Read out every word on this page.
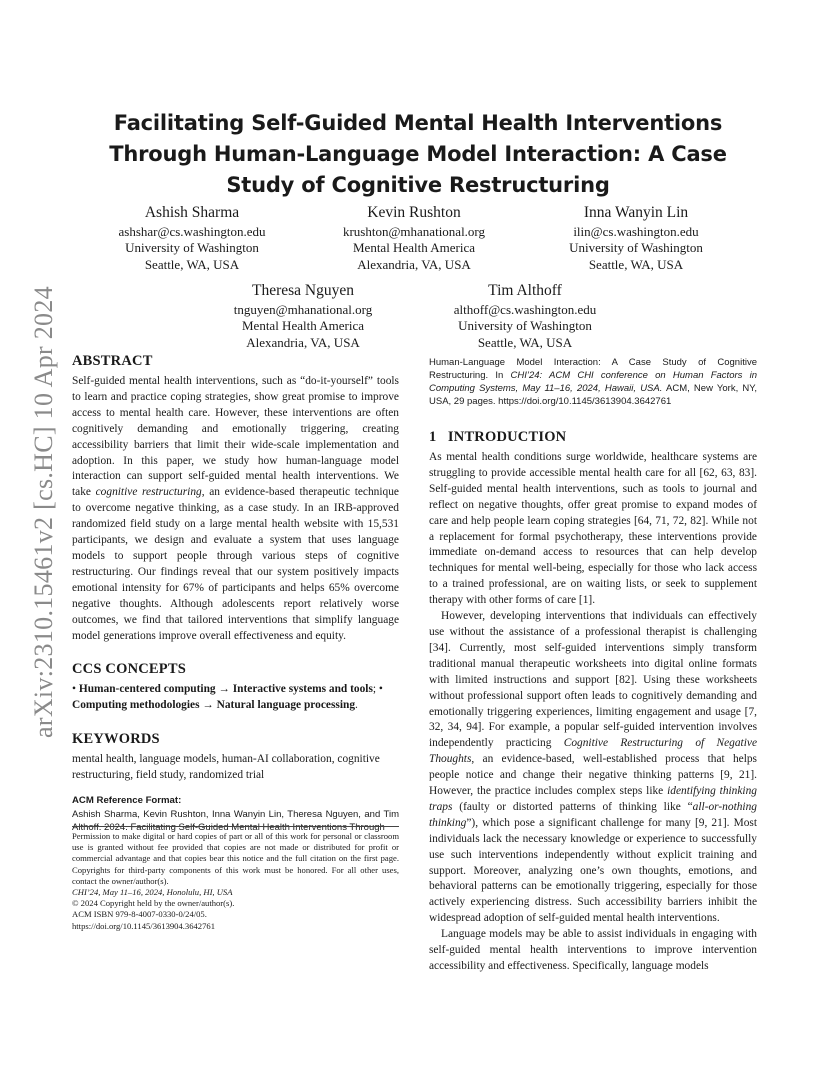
arXiv:2310.15461v2 [cs.HC] 10 Apr 2024
Facilitating Self-Guided Mental Health Interventions Through Human-Language Model Interaction: A Case Study of Cognitive Restructuring
Ashish Sharma
ashshar@cs.washington.edu
University of Washington
Seattle, WA, USA
Kevin Rushton
krushton@mhanational.org
Mental Health America
Alexandria, VA, USA
Inna Wanyin Lin
ilin@cs.washington.edu
University of Washington
Seattle, WA, USA
Theresa Nguyen
tnguyen@mhanational.org
Mental Health America
Alexandria, VA, USA
Tim Althoff
althoff@cs.washington.edu
University of Washington
Seattle, WA, USA
ABSTRACT

Self-guided mental health interventions, such as “do-it-yourself” tools to learn and practice coping strategies, show great promise to improve access to mental health care. However, these interventions are often cognitively demanding and emotionally triggering, creating accessibility barriers that limit their wide-scale implementation and adoption. In this paper, we study how human-language model interaction can support self-guided mental health interventions. We take cognitive restructuring, an evidence-based therapeutic technique to overcome negative thinking, as a case study. In an IRB-approved randomized field study on a large mental health website with 15,531 participants, we design and evaluate a system that uses language models to support people through various steps of cognitive restructuring. Our findings reveal that our system positively impacts emotional intensity for 67% of participants and helps 65% overcome negative thoughts. Although adolescents report relatively worse outcomes, we find that tailored interventions that simplify language model generations improve overall effectiveness and equity.

CCS CONCEPTS

• Human-centered computing → Interactive systems and tools; • Computing methodologies → Natural language processing.

KEYWORDS

mental health, language models, human-AI collaboration, cognitive restructuring, field study, randomized trial

ACM Reference Format:

Ashish Sharma, Kevin Rushton, Inna Wanyin Lin, Theresa Nguyen, and Tim Althoff. 2024. Facilitating Self-Guided Mental Health Interventions Through

Permission to make digital or hard copies of part or all of this work for personal or classroom use is granted without fee provided that copies are not made or distributed for profit or commercial advantage and that copies bear this notice and the full citation on the first page. Copyrights for third-party components of this work must be honored. For all other uses, contact the owner/author(s).

CHI’24, May 11–16, 2024, Honolulu, HI, USA

© 2024 Copyright held by the owner/author(s).

ACM ISBN 979-8-4007-0330-0/24/05.

https://doi.org/10.1145/3613904.3642761

Human-Language Model Interaction: A Case Study of Cognitive Restructuring. In CHI’24: ACM CHI conference on Human Factors in Computing Systems, May 11–16, 2024, Hawaii, USA. ACM, New York, NY, USA, 29 pages. https://doi.org/10.1145/3613904.3642761

1   INTRODUCTION

As mental health conditions surge worldwide, healthcare systems are struggling to provide accessible mental health care for all [62, 63, 83]. Self-guided mental health interventions, such as tools to journal and reflect on negative thoughts, offer great promise to expand modes of care and help people learn coping strategies [64, 71, 72, 82]. While not a replacement for formal psychotherapy, these interventions provide immediate on-demand access to resources that can help develop techniques for mental well-being, especially for those who lack access to a trained professional, are on waiting lists, or seek to supplement therapy with other forms of care [1].

However, developing interventions that individuals can effectively use without the assistance of a professional therapist is challenging [34]. Currently, most self-guided interventions simply transform traditional manual therapeutic worksheets into digital online formats with limited instructions and support [82]. Using these worksheets without professional support often leads to cognitively demanding and emotionally triggering experiences, limiting engagement and usage [7, 32, 34, 94]. For example, a popular self-guided intervention involves independently practicing Cognitive Restructuring of Negative Thoughts, an evidence-based, well-established process that helps people notice and change their negative thinking patterns [9, 21]. However, the practice includes complex steps like identifying thinking traps (faulty or distorted patterns of thinking like “all-or-nothing thinking”), which pose a significant challenge for many [9, 21]. Most individuals lack the necessary knowledge or experience to successfully use such interventions independently without explicit training and support. Moreover, analyzing one’s own thoughts, emotions, and behavioral patterns can be emotionally triggering, especially for those actively experiencing distress. Such accessibility barriers inhibit the widespread adoption of self-guided mental health interventions.

Language models may be able to assist individuals in engaging with self-guided mental health interventions to improve intervention accessibility and effectiveness. Specifically, language models
